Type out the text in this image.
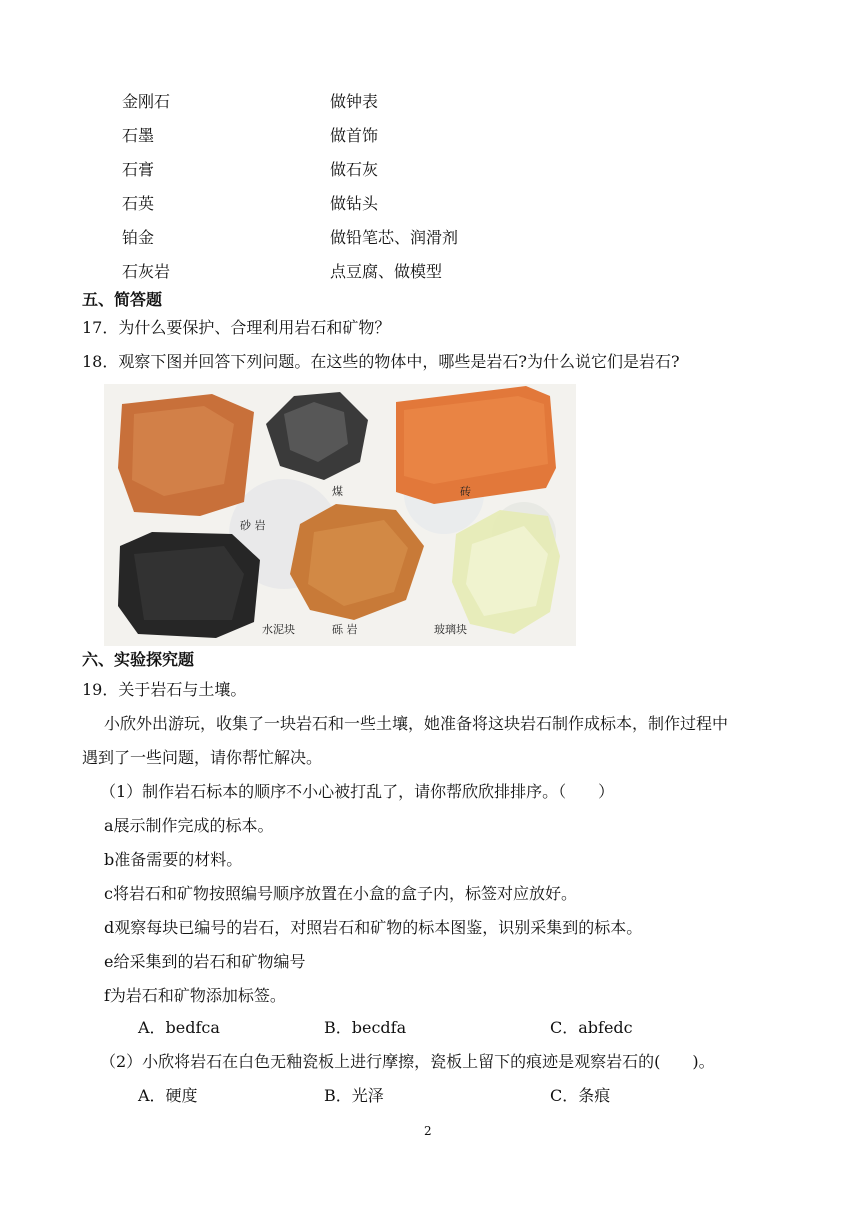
金刚石	做钟表
石墨	做首饰
石膏	做石灰
石英	做钻头
铂金	做铅笔芯、润滑剂
石灰岩	点豆腐、做模型
五、简答题
17．为什么要保护、合理利用岩石和矿物？
18．观察下图并回答下列问题。在这些的物体中，哪些是岩石?为什么说它们是岩石?
砂 岩
煤	砖
水泥块	砾 岩	玻璃块
六、实验探究题
19．关于岩石与土壤。
小欣外出游玩，收集了一块岩石和一些土壤，她准备将这块岩石制作成标本，制作过程中
遇到了一些问题，请你帮忙解决。
（1）制作岩石标本的顺序不小心被打乱了，请你帮欣欣排排序。（　　）
a展示制作完成的标本。
b准备需要的材料。
c将岩石和矿物按照编号顺序放置在小盒的盒子内，标签对应放好。
d观察每块已编号的岩石，对照岩石和矿物的标本图鉴，识别采集到的标本。
e给采集到的岩石和矿物编号
f为岩石和矿物添加标签。
A．bedfca	B．becdfa	C．abfedc
（2）小欣将岩石在白色无釉瓷板上进行摩擦，瓷板上留下的痕迹是观察岩石的(　　)。
A．硬度	B．光泽	C．条痕
2
